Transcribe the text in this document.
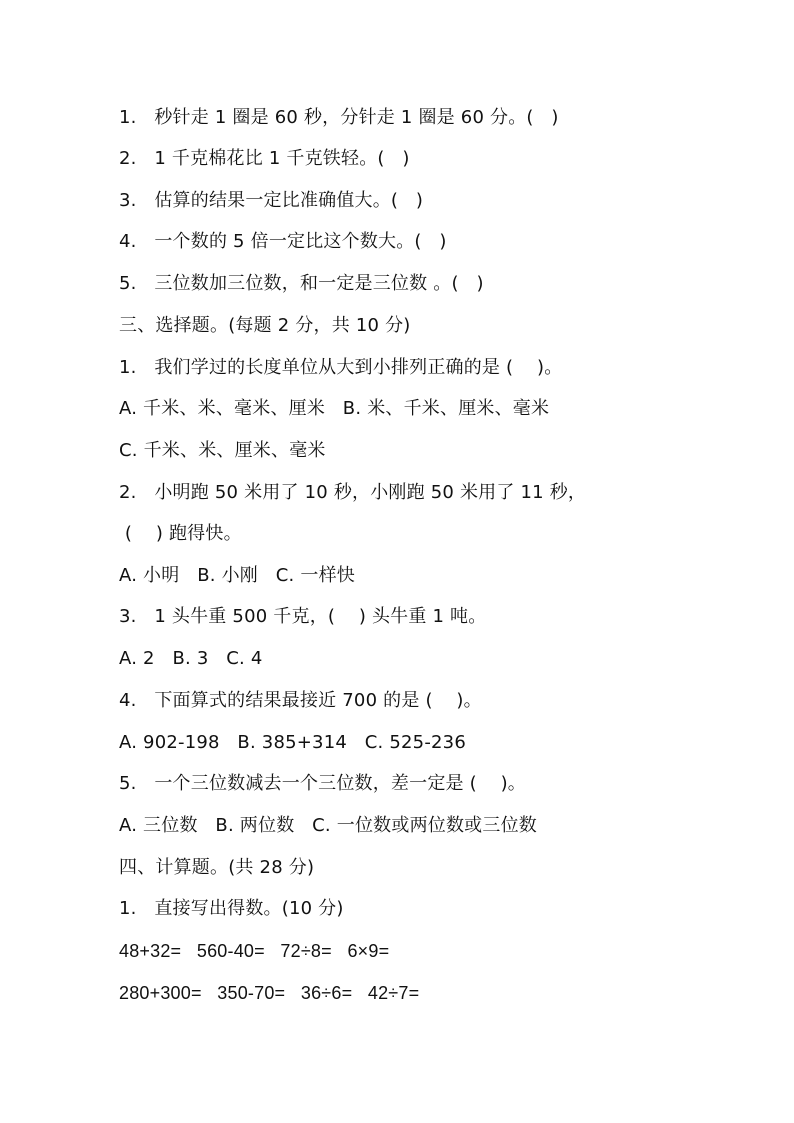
1.   秒针走 1 圈是 60 秒，分针走 1 圈是 60 分。(   )
2.   1 千克棉花比 1 千克铁轻。(   )
3.   估算的结果一定比准确值大。(   )
4.   一个数的 5 倍一定比这个数大。(   )
5.   三位数加三位数，和一定是三位数 。(   )
三、选择题。(每题 2 分，共 10 分)
1.   我们学过的长度单位从大到小排列正确的是 (    )。
A. 千米、米、毫米、厘米   B. 米、千米、厘米、毫米
C. 千米、米、厘米、毫米
2.   小明跑 50 米用了 10 秒，小刚跑 50 米用了 11 秒，
(    ) 跑得快。
A. 小明   B. 小刚   C. 一样快
3.   1 头牛重 500 千克，(    ) 头牛重 1 吨。
A. 2   B. 3   C. 4
4.   下面算式的结果最接近 700 的是 (    )。
A. 902-198   B. 385+314   C. 525-236
5.   一个三位数减去一个三位数，差一定是 (    )。
A. 三位数   B. 两位数   C. 一位数或两位数或三位数
四、计算题。(共 28 分)
1.   直接写出得数。(10 分)
48+32=   560-40=   72÷8=   6×9=
280+300=   350-70=   36÷6=   42÷7=
